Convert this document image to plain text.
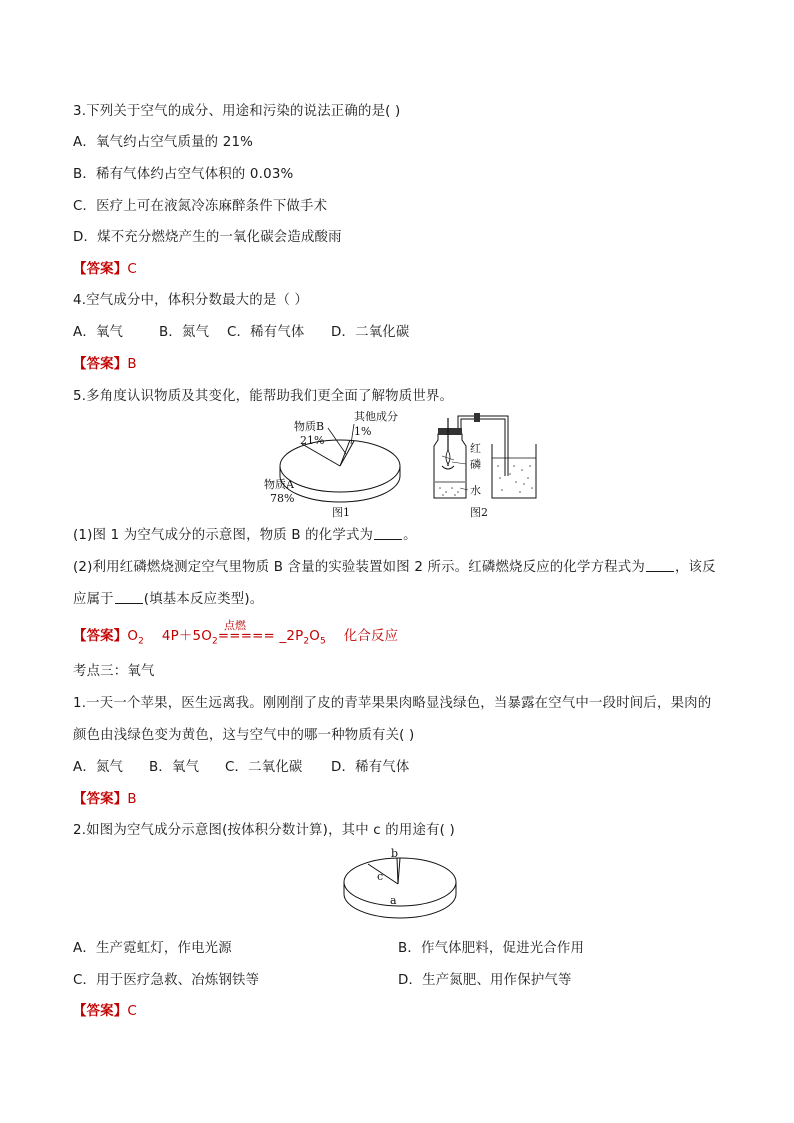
3.下列关于空气的成分、用途和污染的说法正确的是( )
A．氧气约占空气质量的 21%
B．稀有气体约占空气体积的 0.03%
C．医疗上可在液氮冷冻麻醉条件下做手术
D．煤不充分燃烧产生的一氧化碳会造成酸雨
【答案】C
4.空气成分中，体积分数最大的是（ ）
A．氧气	B．氮气 C．稀有气体 D．二氧化碳
【答案】B
5.多角度认识物质及其变化，能帮助我们更全面了解物质世界。
物质B
21%
其他成分
1%
物质A
78%
图1
红
磷
水
图2
(1)图 1 为空气成分的示意图，物质 B 的化学式为 。
(2)利用红磷燃烧测定空气里物质 B 含量的实验装置如图 2 所示。红磷燃烧反应的化学方程式为 ，该反
应属于 (填基本反应类型)。
点燃
【答案】$O_2$ $4P+5O_2=====$ $\_2P_2O_5$ 化合反应
考点三：氧气
1.一天一个苹果，医生远离我。刚刚削了皮的青苹果果肉略显浅绿色，当暴露在空气中一段时间后，果肉的
颜色由浅绿色变为黄色，这与空气中的哪一种物质有关( )
A．氮气 B．氧气 C．二氧化碳 D．稀有气体
【答案】B
2.如图为空气成分示意图(按体积分数计算)，其中 c 的用途有( )
b
c
a
A．生产霓虹灯，作电光源	B．作气体肥料，促进光合作用
C．用于医疗急救、冶炼钢铁等	D．生产氮肥、用作保护气等
【答案】C
